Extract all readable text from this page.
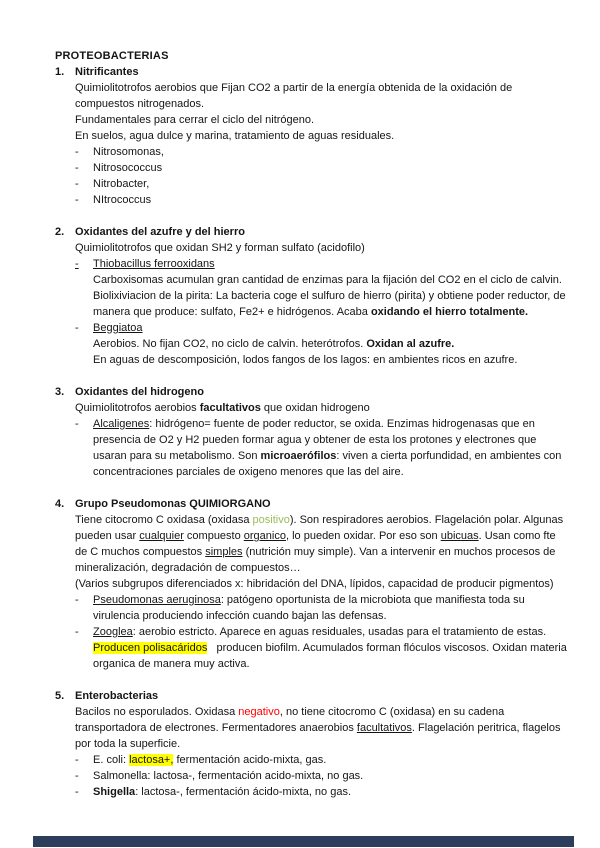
PROTEOBACTERIAS
1. Nitrificantes
Quimiolitotrofos aerobios que Fijan CO2 a partir de la energía obtenida de la oxidación de compuestos nitrogenados.
Fundamentales para cerrar el ciclo del nitrógeno.
En suelos, agua dulce y marina, tratamiento de aguas residuales.
-	Nitrosomonas,
-	Nitrosococcus
-	Nitrobacter,
-	NItrococcus
2. Oxidantes del azufre y del hierro
Quimiolitotrofos que oxidan SH2 y forman sulfato (acidofilo)
-	Thiobacillus ferrooxidans
Carboxisomas acumulan gran cantidad de enzimas para la fijación del CO2 en el ciclo de calvin.
Biolixiviacion de la pirita: La bacteria coge el sulfuro de hierro (pirita) y obtiene poder reductor, de manera que produce: sulfato, Fe2+ e hidrógenos. Acaba oxidando el hierro totalmente.
-	Beggiatoa
Aerobios. No fijan CO2, no ciclo de calvin. heterótrofos. Oxidan al azufre.
En aguas de descomposición, lodos fangos de los lagos: en ambientes ricos en azufre.
3. Oxidantes del hidrogeno
Quimiolitotrofos aerobios facultativos que oxidan hidrogeno
-	Alcaligenes: hidrógeno= fuente de poder reductor, se oxida. Enzimas hidrogenasas que en presencia de O2 y H2 pueden formar agua y obtener de esta los protones y electrones que usaran para su metabolismo. Son microaerófilos: viven a cierta porfundidad, en ambientes con concentraciones parciales de oxigeno menores que las del aire.
4. Grupo Pseudomonas QUIMIORGANO
Tiene citocromo C oxidasa (oxidasa positivo). Son respiradores aerobios. Flagelación polar. Algunas pueden usar cualquier compuesto organico, lo pueden oxidar. Por eso son ubicuas. Usan como fte de C muchos compuestos simples (nutrición muy simple). Van a intervenir en muchos procesos de mineralización, degradación de compuestos…
(Varios subgrupos diferenciados x: hibridación del DNA, lípidos, capacidad de producir pigmentos)
-	Pseudomonas aeruginosa: patógeno oportunista de la microbiota que manifiesta toda su virulencia produciendo infección cuando bajan las defensas.
-	Zooglea: aerobio estricto. Aparece en aguas residuales, usadas para el tratamiento de estas. Producen polisacáridos   producen biofilm. Acumulados forman flóculos viscosos. Oxidan materia organica de manera muy activa.
5. Enterobacterias
Bacilos no esporulados. Oxidasa negativo, no tiene citocromo C (oxidasa) en su cadena transportadora de electrones. Fermentadores anaerobios facultativos. Flagelación peritrica, flagelos por toda la superficie.
-	E. coli: lactosa+, fermentación acido-mixta, gas.
-	Salmonella: lactosa-, fermentación acido-mixta, no gas.
-	Shigella: lactosa-, fermentación ácido-mixta, no gas.
